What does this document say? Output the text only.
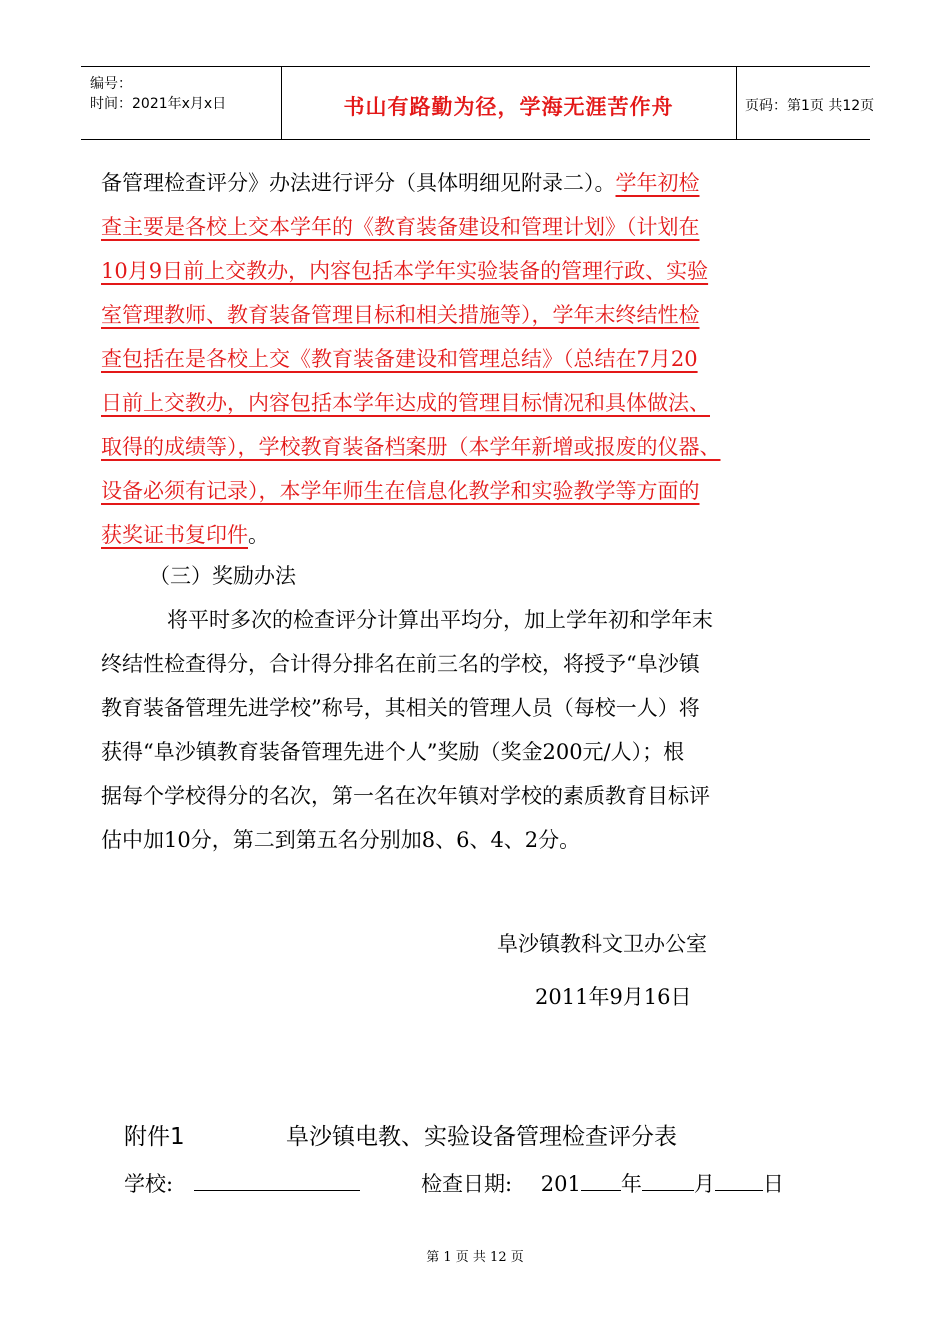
编号：
时间：2021年x月x日	书山有路勤为径，学海无涯苦作舟	页码：第1页 共12页
备管理检查评分》办法进行评分（具体明细见附录二）。学年初检
查主要是各校上交本学年的《教育装备建设和管理计划》（计划在
10月9日前上交教办，内容包括本学年实验装备的管理行政、实验
室管理教师、教育装备管理目标和相关措施等），学年末终结性检
查包括在是各校上交《教育装备建设和管理总结》（总结在7月20
日前上交教办，内容包括本学年达成的管理目标情况和具体做法、
取得的成绩等），学校教育装备档案册（本学年新增或报废的仪器、
设备必须有记录），本学年师生在信息化教学和实验教学等方面的
获奖证书复印件。
（三）奖励办法
将平时多次的检查评分计算出平均分，加上学年初和学年末
终结性检查得分，合计得分排名在前三名的学校，将授予“阜沙镇
教育装备管理先进学校”称号，其相关的管理人员（每校一人）将
获得“阜沙镇教育装备管理先进个人”奖励（奖金200元/人）；根
据每个学校得分的名次，第一名在次年镇对学校的素质教育目标评
估中加10分，第二到第五名分别加8、6、4、2分。
阜沙镇教科文卫办公室
2011年9月16日
附件1	阜沙镇电教、实验设备管理检查评分表
学校:	检查日期: 201 年 月 日
第 1 页 共 12 页
